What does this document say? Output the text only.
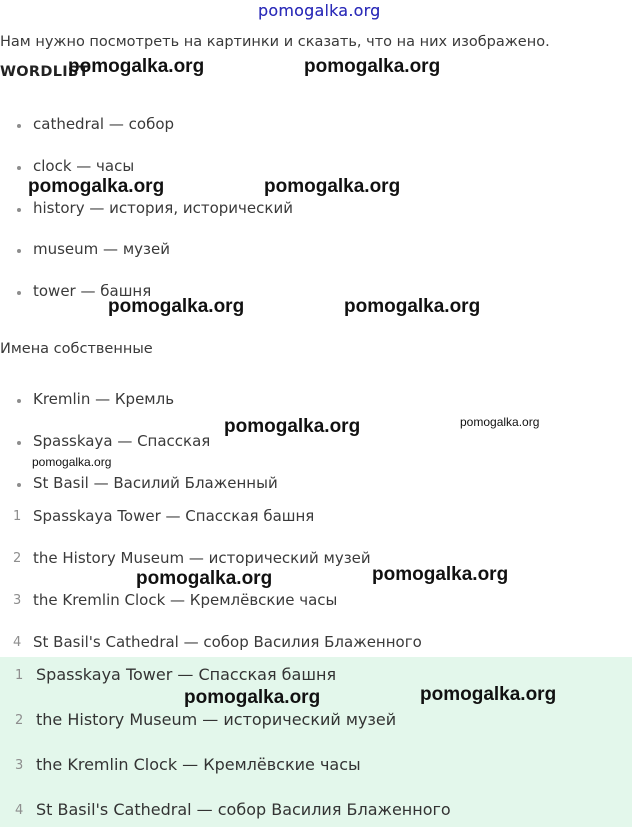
pomogalka.org
Нам нужно посмотреть на картинки и сказать, что на них изображено.
WORDLIST
cathedral — собор
clock — часы
history — история, исторический
museum — музей
tower — башня
Имена собственные
Kremlin — Кремль
Spasskaya — Спасская
St Basil — Василий Блаженный
1 Spasskaya Tower — Спасская башня
2 the History Museum — исторический музей
3 the Kremlin Clock — Кремлёвские часы
4 St Basil's Cathedral — собор Василия Блаженного
1 Spasskaya Tower — Спасская башня
2 the History Museum — исторический музей
3 the Kremlin Clock — Кремлёвские часы
4 St Basil's Cathedral — собор Василия Блаженного
pomogalka.org	pomogalka.org
pomogalka.org	pomogalka.org
pomogalka.org	pomogalka.org
pomogalka.org	pomogalka.org
pomogalka.org
pomogalka.org	pomogalka.org
pomogalka.org	pomogalka.org
